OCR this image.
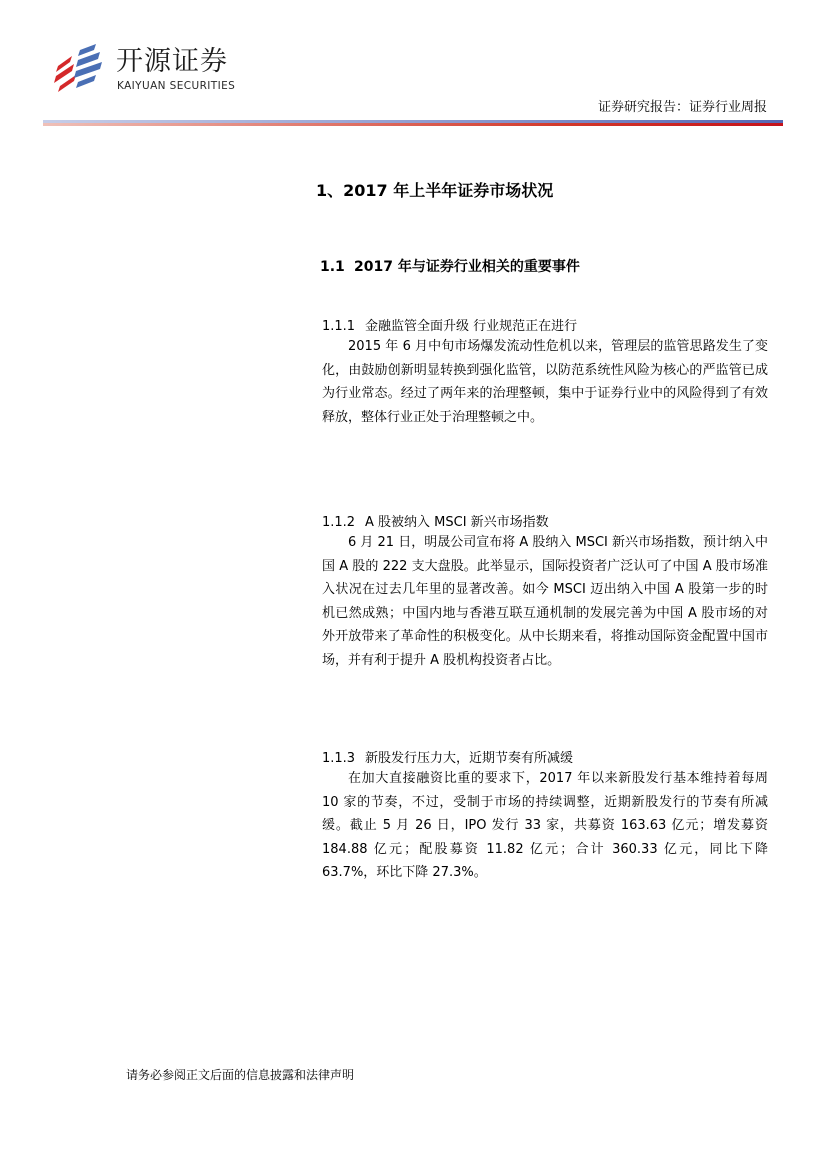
开源证券
KAIYUAN SECURITIES
证券研究报告：证券行业周报
1、2017 年上半年证券市场状况
1.1 2017 年与证券行业相关的重要事件
1.1.1 金融监管全面升级 行业规范正在进行

2015 年 6 月中旬市场爆发流动性危机以来，管理层的监管思路发生了变化，由鼓励创新明显转换到强化监管，以防范系统性风险为核心的严监管已成为行业常态。经过了两年来的治理整顿，集中于证券行业中的风险得到了有效释放，整体行业正处于治理整顿之中。

1.1.2 A 股被纳入 MSCI 新兴市场指数

6 月 21 日，明晟公司宣布将 A 股纳入 MSCI 新兴市场指数，预计纳入中国 A 股的 222 支大盘股。此举显示，国际投资者广泛认可了中国 A 股市场准入状况在过去几年里的显著改善。如今 MSCI 迈出纳入中国 A 股第一步的时机已然成熟；中国内地与香港互联互通机制的发展完善为中国 A 股市场的对外开放带来了革命性的积极变化。从中长期来看，将推动国际资金配置中国市场，并有利于提升 A 股机构投资者占比。

1.1.3 新股发行压力大，近期节奏有所减缓

在加大直接融资比重的要求下，2017 年以来新股发行基本维持着每周 10 家的节奏，不过，受制于市场的持续调整，近期新股发行的节奏有所减缓。截止 5 月 26 日，IPO 发行 33 家，共募资 163.63 亿元；增发募资 184.88 亿元；配股募资 11.82 亿元；合计 360.33 亿元，同比下降 63.7%，环比下降 27.3%。

请务必参阅正文后面的信息披露和法律声明
